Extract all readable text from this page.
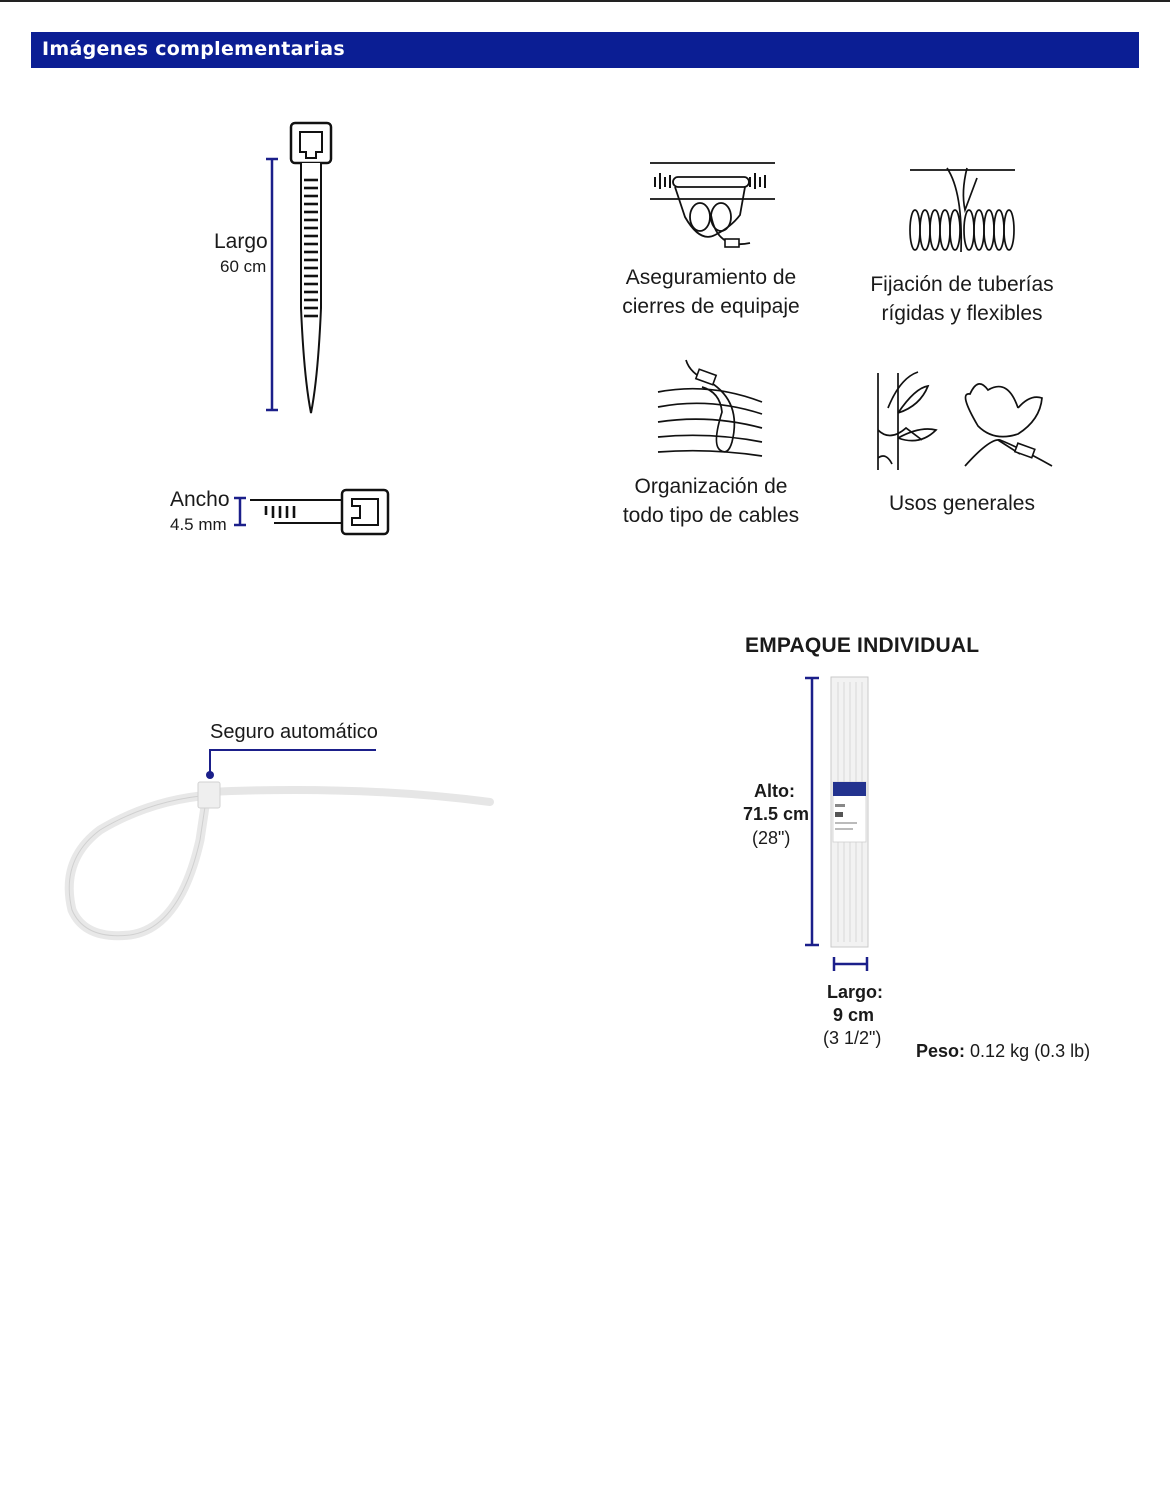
Imágenes complementarias
Largo
60 cm
Ancho
4.5 mm
Aseguramiento de
cierres de equipaje
Fijación de tuberías
rígidas y flexibles
Organización de
todo tipo de cables
Usos generales
Seguro automático
EMPAQUE INDIVIDUAL
Alto:
71.5 cm
(28")
Largo:
9 cm
(3 1/2")
Peso: 0.12 kg (0.3 lb)
